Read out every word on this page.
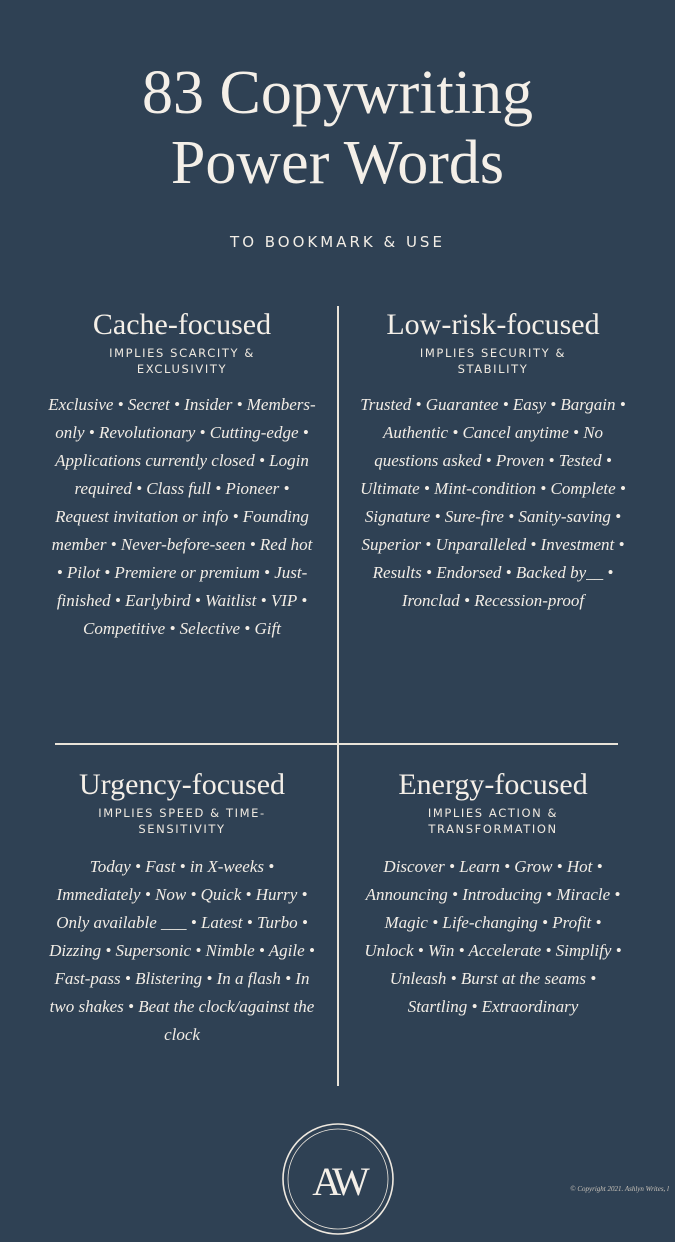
83 Copywriting
Power Words
TO BOOKMARK & USE
Cache-focused
IMPLIES SCARCITY & EXCLUSIVITY
Exclusive • Secret • Insider • Members-only • Revolutionary • Cutting-edge • Applications currently closed • Login required • Class full • Pioneer • Request invitation or info • Founding member • Never-before-seen • Red hot • Pilot • Premiere or premium • Just-finished • Earlybird • Waitlist • VIP • Competitive • Selective • Gift
Low-risk-focused
IMPLIES SECURITY & STABILITY
Trusted • Guarantee • Easy • Bargain • Authentic • Cancel anytime • No questions asked • Proven • Tested • Ultimate • Mint-condition • Complete • Signature • Sure-fire • Sanity-saving • Superior • Unparalleled • Investment • Results • Endorsed • Backed by__ • Ironclad • Recession-proof
Urgency-focused
IMPLIES SPEED & TIME-SENSITIVITY
Today • Fast • in X-weeks • Immediately • Now • Quick • Hurry • Only available ___ • Latest • Turbo • Dizzing • Supersonic • Nimble • Agile • Fast-pass • Blistering • In a flash • In two shakes • Beat the clock/against the clock
Energy-focused
IMPLIES ACTION & TRANSFORMATION
Discover • Learn • Grow • Hot • Announcing • Introducing • Miracle • Magic • Life-changing • Profit • Unlock • Win • Accelerate • Simplify • Unleash • Burst at the seams • Startling • Extraordinary
AW	© Copyright 2021. Ashlyn Writes, l
